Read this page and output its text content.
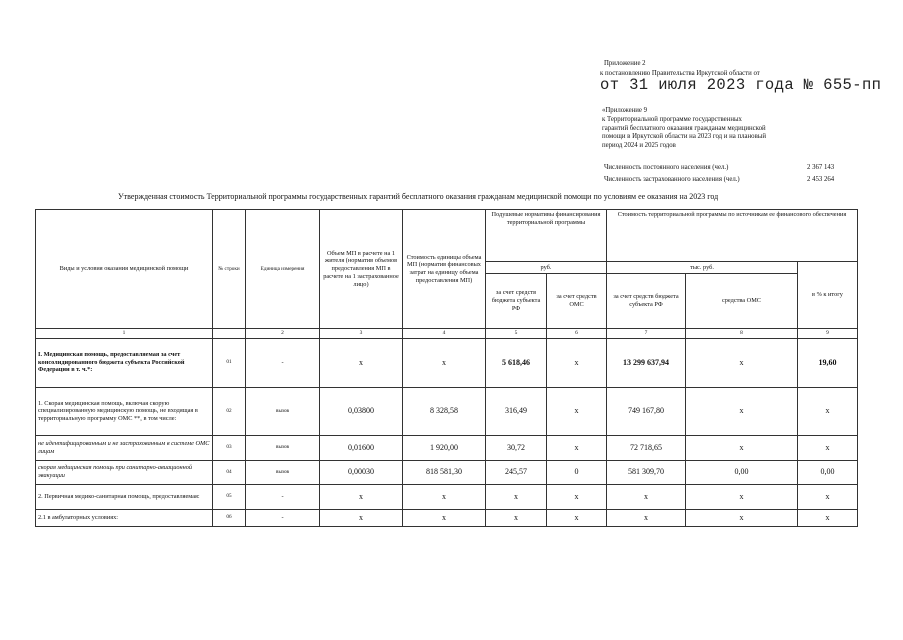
Приложение 2
к постановлению Правительства Иркутской области от
от 31 июля 2023 года № 655-пп
«Приложение 9
к Территориальной программе государственных
гарантий бесплатного оказания гражданам медицинской
помощи в Иркутской области на 2023 год и на плановый
период 2024 и 2025 годов
Численность постоянного населения (чел.)	2 367 143
Численность застрахованного населения (чел.)	2 453 264
Утвержденная стоимость Территориальной программы государственных гарантий бесплатного оказания гражданам медицинской помощи по условиям ее оказания на 2023 год
Виды и условия оказания медицинской помощи	№ строки	Единица измерения	Объем МП в расчете на 1 жителя (норматив объемов предоставления МП в расчете на 1 застрахованное лицо)	Стоимость единицы объема МП (норматив финансовых затрат на единицу объема предоставления МП)	Подушевые нормативы финансирования территориальной программы		Стоимость территориальной программы по источникам ее финансового обеспечения		
					руб.		тыс. руб.		в % к итогу
					за счет средств бюджета субъекта РФ	за счет средств ОМС	за счет средств бюджета субъекта РФ	средства ОМС	
1		2	3	4	5	6	7	8	9
I. Медицинская помощь, предоставляемая за счет консолидированного бюджета субъекта Российской Федерации в т. ч.*:	01	-	x	x	5 618,46	x	13 299 637,94	x	19,60
1. Скорая медицинская помощь, включая скорую специализированную медицинскую помощь, не входящая в территориальную программу ОМС **, в том числе:	02	вызов	0,03800	8 328,58	316,49	x	749 167,80	x	x
не идентифицированным и не застрахованным в системе ОМС лицам	03	вызов	0,01600	1 920,00	30,72	x	72 718,65	x	x
скорая медицинская помощь при санитарно-авиационной эвакуации	04	вызов	0,00030	818 581,30	245,57	0	581 309,70	0,00	0,00
2. Первичная медико-санитарная помощь, предоставляемая:	05	-	x	x	x	x	x	x	x
2.1 в амбулаторных условиях:	06	-	x	x	x	x	x	x	x
